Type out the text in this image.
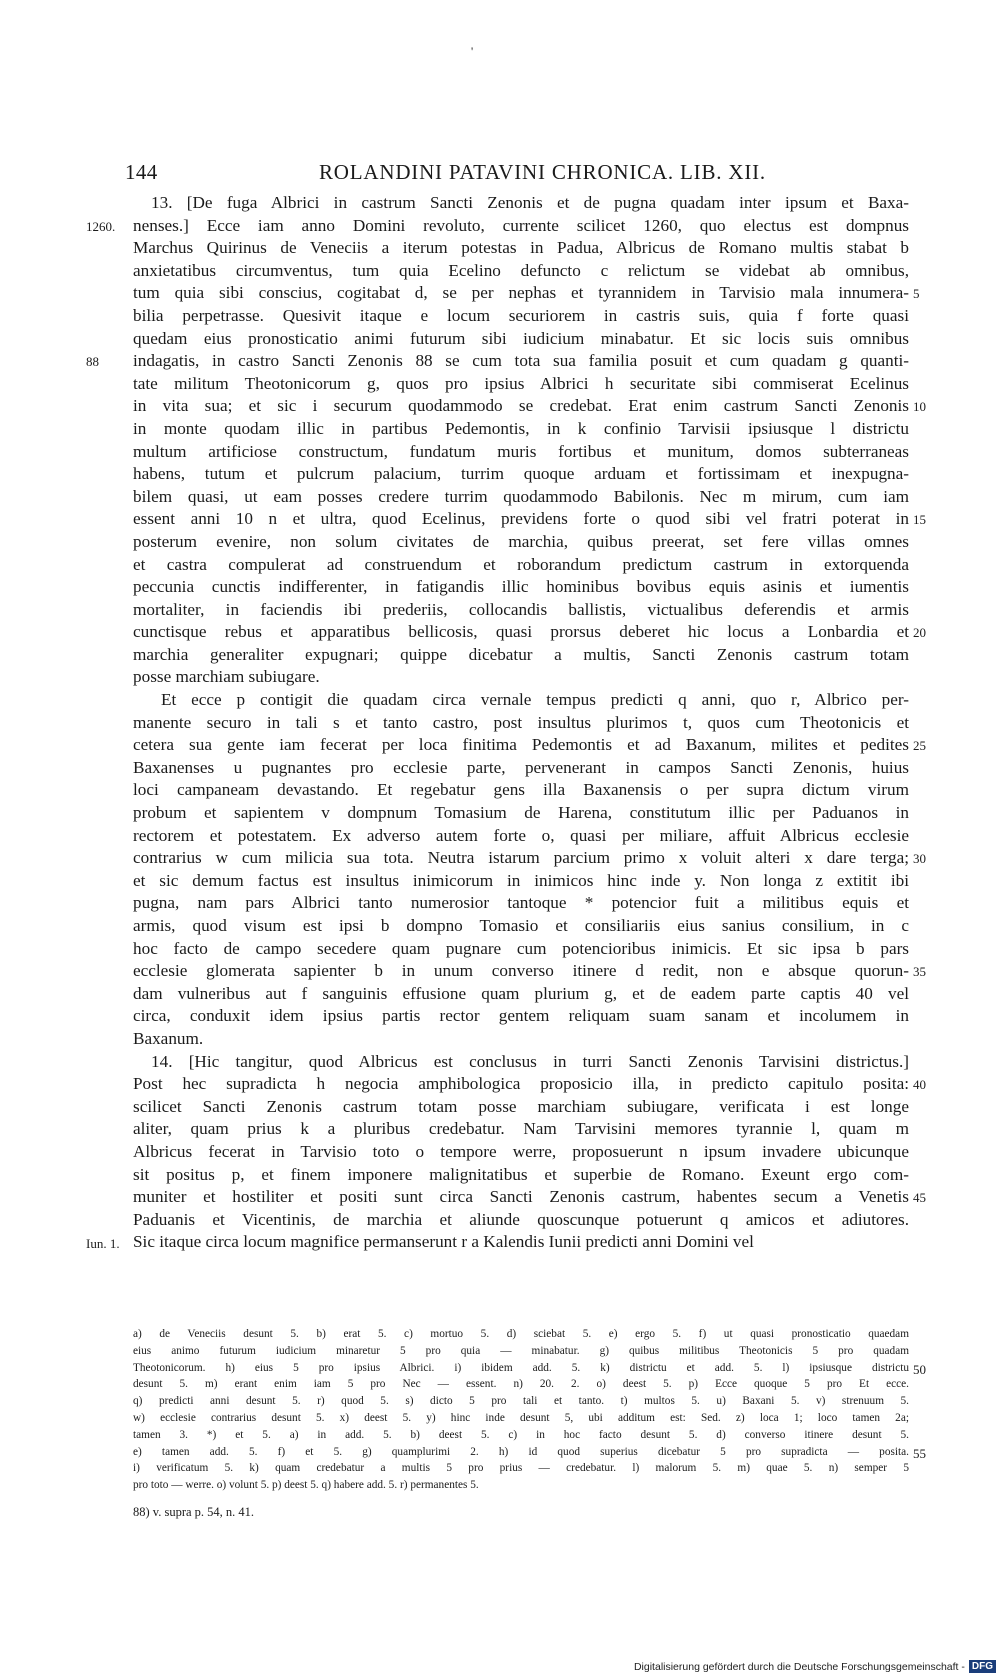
'
144	ROLANDINI PATAVINI CHRONICA. LIB. XII.
13. [De fuga Albrici in castrum Sancti Zenonis et de pugna quadam inter ipsum et Baxa-
nenses.] Ecce iam anno Domini revoluto, currente scilicet 1260, quo electus est dompnus
Marchus Quirinus de Veneciis a iterum potestas in Padua, Albricus de Romano multis stabat b
anxietatibus circumventus, tum quia Ecelino defuncto c relictum se videbat ab omnibus,
tum quia sibi conscius, cogitabat d, se per nephas et tyrannidem in Tarvisio mala innumera-
bilia perpetrasse. Quesivit itaque e locum securiorem in castris suis, quia f forte quasi
quedam eius pronosticatio animi futurum sibi iudicium minabatur. Et sic locis suis omnibus
indagatis, in castro Sancti Zenonis 88 se cum tota sua familia posuit et cum quadam g quanti-
tate militum Theotonicorum g, quos pro ipsius Albrici h securitate sibi commiserat Ecelinus
in vita sua; et sic i securum quodammodo se credebat. Erat enim castrum Sancti Zenonis
in monte quodam illic in partibus Pedemontis, in k confinio Tarvisii ipsiusque l districtu
multum artificiose constructum, fundatum muris fortibus et munitum, domos subterraneas
habens, tutum et pulcrum palacium, turrim quoque arduam et fortissimam et inexpugna-
bilem quasi, ut eam posses credere turrim quodammodo Babilonis. Nec m mirum, cum iam
essent anni 10 n et ultra, quod Ecelinus, previdens forte o quod sibi vel fratri poterat in
posterum evenire, non solum civitates de marchia, quibus preerat, set fere villas omnes
et castra compulerat ad construendum et roborandum predictum castrum in extorquenda
peccunia cunctis indifferenter, in fatigandis illic hominibus bovibus equis asinis et iumentis
mortaliter, in faciendis ibi prederiis, collocandis ballistis, victualibus deferendis et armis
cunctisque rebus et apparatibus bellicosis, quasi prorsus deberet hic locus a Lonbardia et
marchia generaliter expugnari; quippe dicebatur a multis, Sancti Zenonis castrum totam
posse marchiam subiugare.
Et ecce p contigit die quadam circa vernale tempus predicti q anni, quo r, Albrico per-
manente securo in tali s et tanto castro, post insultus plurimos t, quos cum Theotonicis et
cetera sua gente iam fecerat per loca finitima Pedemontis et ad Baxanum, milites et pedites
Baxanenses u pugnantes pro ecclesie parte, pervenerant in campos Sancti Zenonis, huius
loci campaneam devastando. Et regebatur gens illa Baxanensis o per supra dictum virum
probum et sapientem v dompnum Tomasium de Harena, constitutum illic per Paduanos in
rectorem et potestatem. Ex adverso autem forte o, quasi per miliare, affuit Albricus ecclesie
contrarius w cum milicia sua tota. Neutra istarum parcium primo x voluit alteri x dare terga;
et sic demum factus est insultus inimicorum in inimicos hinc inde y. Non longa z extitit ibi
pugna, nam pars Albrici tanto numerosior tantoque * potencior fuit a militibus equis et
armis, quod visum est ipsi b dompno Tomasio et consiliariis eius sanius consilium, in c
hoc facto de campo secedere quam pugnare cum potencioribus inimicis. Et sic ipsa b pars
ecclesie glomerata sapienter b in unum converso itinere d redit, non e absque quorun-
dam vulneribus aut f sanguinis effusione quam plurium g, et de eadem parte captis 40 vel
circa, conduxit idem ipsius partis rector gentem reliquam suam sanam et incolumem in
Baxanum.
14. [Hic tangitur, quod Albricus est conclusus in turri Sancti Zenonis Tarvisini districtus.]
Post hec supradicta h negocia amphibologica proposicio illa, in predicto capitulo posita:
scilicet Sancti Zenonis castrum totam posse marchiam subiugare, verificata i est longe
aliter, quam prius k a pluribus credebatur. Nam Tarvisini memores tyrannie l, quam m
Albricus fecerat in Tarvisio toto o tempore werre, proposuerunt n ipsum invadere ubicunque
sit positus p, et finem imponere malignitatibus et superbie de Romano. Exeunt ergo com-
muniter et hostiliter et positi sunt circa Sancti Zenonis castrum, habentes secum a Venetis
Paduanis et Vicentinis, de marchia et aliunde quoscunque potuerunt q amicos et adiutores.
Sic itaque circa locum magnifice permanserunt r a Kalendis Iunii predicti anni Domini vel
1260.
88
Iun. 1.
5
10
15
20
25
30
35
40
45
a) de Veneciis desunt 5. b) erat 5. c) mortuo 5. d) sciebat 5. e) ergo 5. f) ut quasi pronosticatio quaedam
eius animo futurum iudicium minaretur 5 pro quia — minabatur. g) quibus militibus Theotonicis 5 pro quadam
Theotonicorum. h) eius 5 pro ipsius Albrici. i) ibidem add. 5. k) districtu et add. 5. l) ipsiusque districtu
desunt 5. m) erant enim iam 5 pro Nec — essent. n) 20. 2. o) deest 5. p) Ecce quoque 5 pro Et ecce.
q) predicti anni desunt 5. r) quod 5. s) dicto 5 pro tali et tanto. t) multos 5. u) Baxani 5. v) strenuum 5.
w) ecclesie contrarius desunt 5. x) deest 5. y) hinc inde desunt 5, ubi additum est: Sed. z) loca 1; loco tamen 2a;
tamen 3. *) et 5. a) in add. 5. b) deest 5. c) in hoc facto desunt 5. d) converso itinere desunt 5.
e) tamen add. 5. f) et 5. g) quamplurimi 2. h) id quod superius dicebatur 5 pro supradicta — posita.
i) verificatum 5. k) quam credebatur a multis 5 pro prius — credebatur. l) malorum 5. m) quae 5. n) semper 5
pro toto — werre. o) volunt 5. p) deest 5. q) habere add. 5. r) permanentes 5.
50
55
88) v. supra p. 54, n. 41.
Digitalisierung gefördert durch die Deutsche Forschungsgemeinschaft - DFG
